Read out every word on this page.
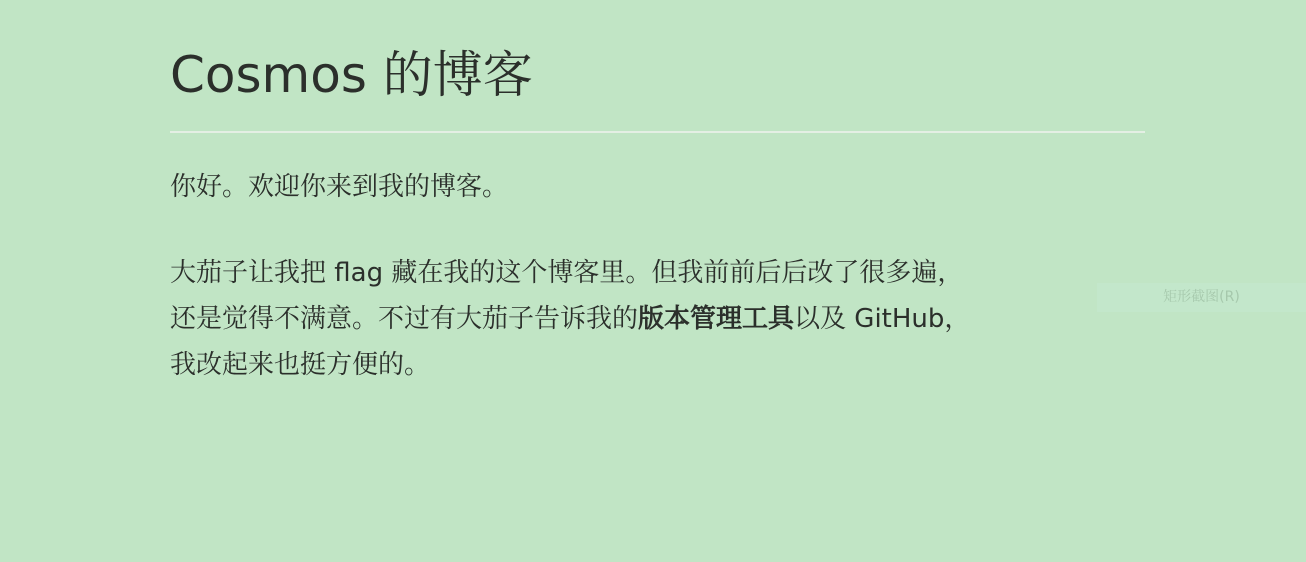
Cosmos 的博客

你好。欢迎你来到我的博客。

大茄子让我把 flag 藏在我的这个博客里。但我前前后后改了很多遍，
还是觉得不满意。不过有大茄子告诉我的版本管理工具以及 GitHub，
我改起来也挺方便的。

矩形截图(R)
